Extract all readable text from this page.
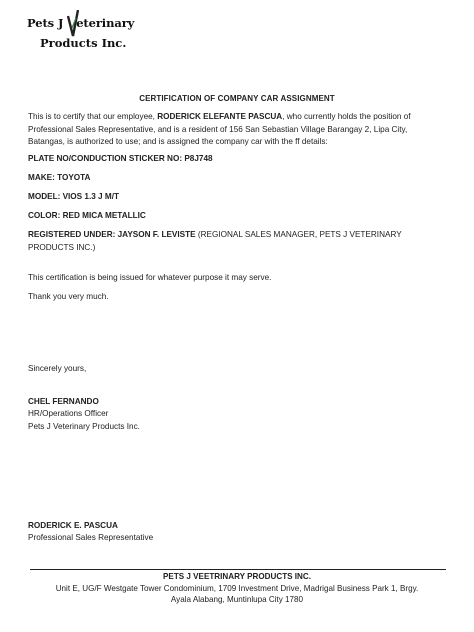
Pets J eterinary
Products Inc.
CERTIFICATION OF COMPANY CAR ASSIGNMENT

This is to certify that our employee, RODERICK ELEFANTE PASCUA, who currently holds the position of Professional Sales Representative, and is a resident of 156 San Sebastian Village Barangay 2, Lipa City, Batangas, is authorized to use; and is assigned the company car with the ff details:

PLATE NO/CONDUCTION STICKER NO: P8J748

MAKE: TOYOTA

MODEL: VIOS 1.3 J M/T

COLOR: RED MICA METALLIC

REGISTERED UNDER: JAYSON F. LEVISTE (REGIONAL SALES MANAGER, PETS J VETERINARY PRODUCTS INC.)

This certification is being issued for whatever purpose it may serve.

Thank you very much.

Sincerely yours,

CHEL FERNANDO
HR/Operations Officer
Pets J Veterinary Products Inc.
RODERICK E. PASCUA
Professional Sales Representative
PETS J VEETRINARY PRODUCTS INC.
Unit E, UG/F Westgate Tower Condominium, 1709 Investment Drive, Madrigal Business Park 1, Brgy.
Ayala Alabang, Muntinlupa City 1780
